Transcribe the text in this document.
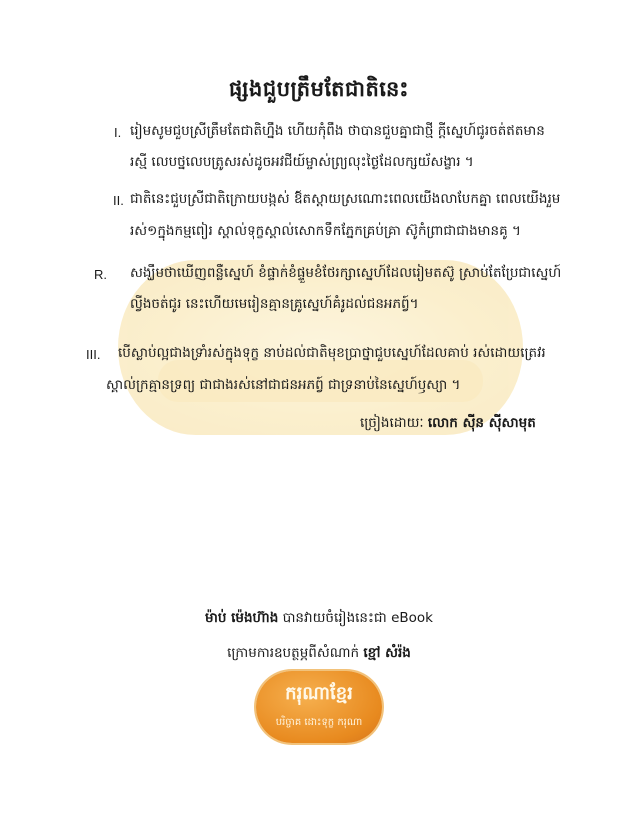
ផ្សងជួបត្រឹមតែជាតិនេះ
I. រៀមសូមជួបស្រីត្រឹមតែជាតិហ្នឹង ហើយកុំពឹង ថាបានជួបគ្នាជាថ្មី ក្តីស្នេហ៍ជូរចត់ឥតមាន
រស្មី លេបថ្នលេបត្រូសរស់ដូចអវជីយ៍ម្ចាស់ព្រ្យលុះថ្ងៃដែលក្សយ័សង្ខារ ។
II. ជាតិនេះជួបស្រីជាតិក្រោយបង្កស់ ឱ៍តស្តាយស្រណោះពេលយើងលាបែកគ្នា ពេលយើងរួម
រស់១ក្នុងកម្មពៀរ ស្គាល់ទុក្ខស្គាល់សោកទឹកភ្នែកគ្រប់គ្រា ស៊ូកំព្រាជាជាងមានគូ ។
R. សង្ឃឹមថាឃើញពន្លឺស្នេហ៍ ខំផ្ទាក់ខំផ្ទួមខំថែរក្សាស្នេហ៍ដែលរៀមតស៊ូ ស្រាប់តែប្រែជាស្នេហ៍
ល្វីងចត់ជូរ នេះហើយមេរៀនគ្មានគ្រូស្នេហ៍គំរូដល់ជនអភព្វ៍។
III. បើស្លាប់ល្អជាងទ្រាំរស់ក្នុងទុក្ខ នាប់ដល់ជាតិមុខប្រាថ្នាជួបស្នេហ៍ដែលគាប់ រស់ដោយត្រេវរ
ស្គាល់ក្រគ្មានទ្រព្យ ជាជាងរស់នៅជាជនអភព្វ៍ ជាទ្រនាប់នៃស្នេហ៍ឫស្យា ។
ច្រៀងដោយៈ លោក ស៊ីន ស៊ីសាមុត
ម៉ាប់ ម៉េងហ៊ាង បានវាយចំរៀងនេះជា eBook
ក្រោមការឧបត្ថម្ភពីសំណាក់ ខ្មៅ សំរ៉ង
ករុណាខ្មែរ
បរិច្ចាគ ដោះទុក្ខ ករុណា
